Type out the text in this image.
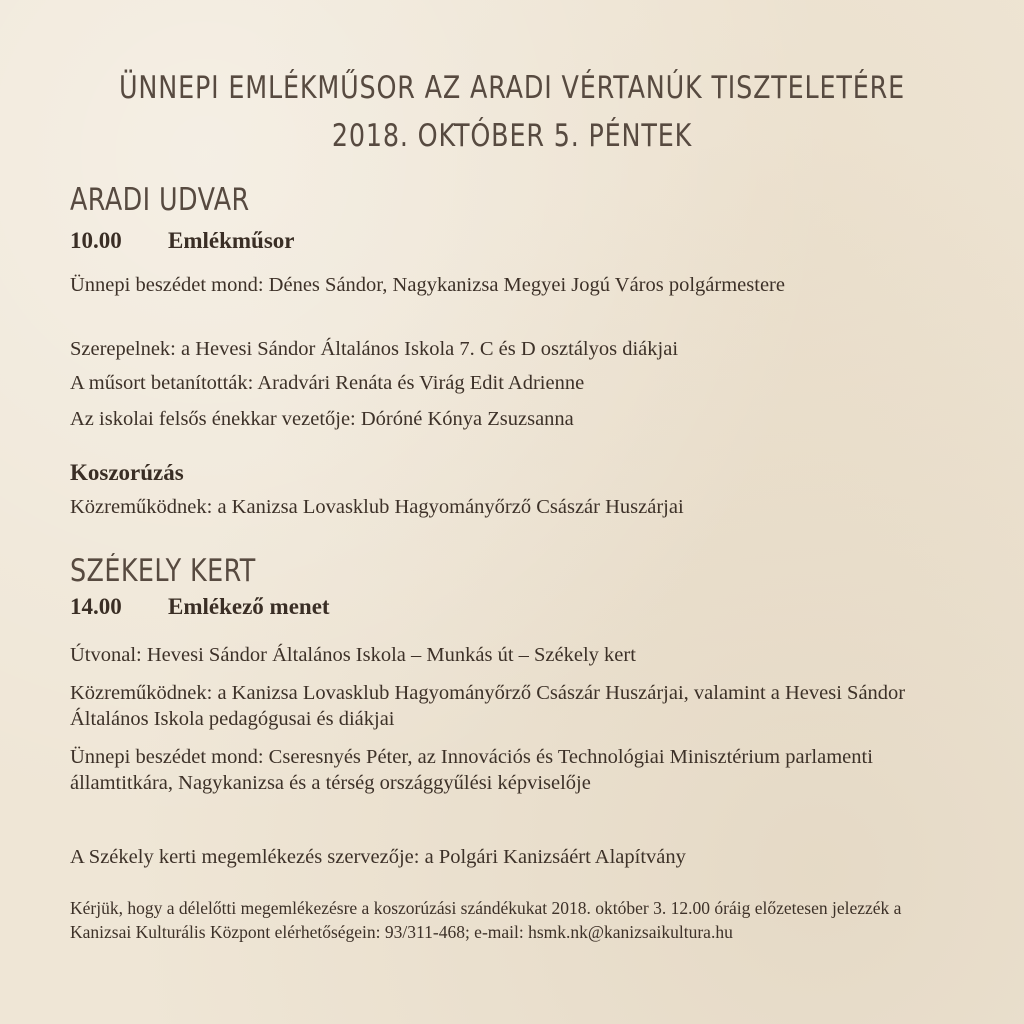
ÜNNEPI EMLÉKMŰSOR AZ ARADI VÉRTANÚK TISZTELETÉRE
2018. OKTÓBER 5. PÉNTEK
ARADI UDVAR
10.00 Emlékműsor
Ünnepi beszédet mond: Dénes Sándor, Nagykanizsa Megyei Jogú Város polgármestere
Szerepelnek: a Hevesi Sándor Általános Iskola 7. C és D osztályos diákjai
A műsort betanították: Aradvári Renáta és Virág Edit Adrienne
Az iskolai felsős énekkar vezetője: Dóróné Kónya Zsuzsanna
Koszorúzás
Közreműködnek: a Kanizsa Lovasklub Hagyományőrző Császár Huszárjai
SZÉKELY KERT
14.00 Emlékező menet
Útvonal: Hevesi Sándor Általános Iskola – Munkás út – Székely kert
Közreműködnek: a Kanizsa Lovasklub Hagyományőrző Császár Huszárjai, valamint a Hevesi Sándor Általános Iskola pedagógusai és diákjai
Ünnepi beszédet mond: Cseresnyés Péter, az Innovációs és Technológiai Minisztérium parlamenti államtitkára, Nagykanizsa és a térség országgyűlési képviselője
A Székely kerti megemlékezés szervezője: a Polgári Kanizsáért Alapítvány
Kérjük, hogy a délelőtti megemlékezésre a koszorúzási szándékukat 2018. október 3. 12.00 óráig előzetesen jelezzék a Kanizsai Kulturális Központ elérhetőségein: 93/311-468; e-mail: hsmk.nk@kanizsaikultura.hu
